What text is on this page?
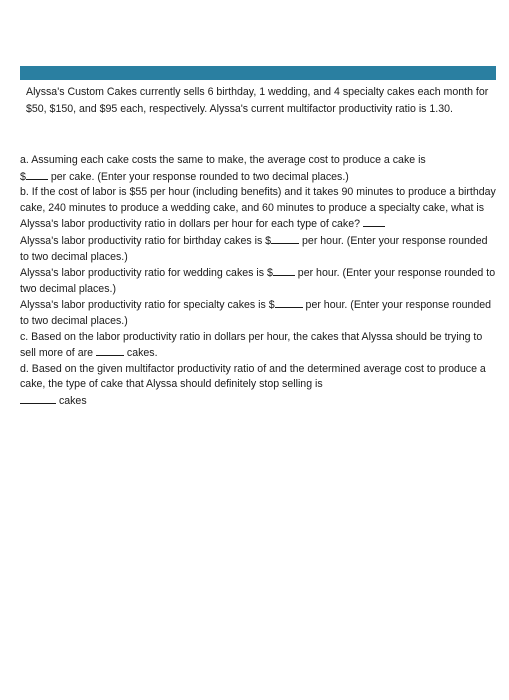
Alyssa's Custom Cakes currently sells 6 birthday, 1 wedding, and 4 specialty cakes each month for $50, $150, and $95 each, respectively. Alyssa's current multifactor productivity ratio is 1.30.

a. Assuming each cake costs the same to make, the average cost to produce a cake is
$ per cake. (Enter your response rounded to two decimal places.)

b. If the cost of labor is $55 per hour (including benefits) and it takes 90 minutes to produce a birthday cake, 240 minutes to produce a wedding cake, and 60 minutes to produce a specialty cake, what is Alyssa's labor productivity ratio in dollars per hour for each type of cake?

Alyssa's labor productivity ratio for birthday cakes is $	per hour. (Enter your response rounded to two decimal places.)

Alyssa's labor productivity ratio for wedding cakes is $ per hour. (Enter your response rounded to two decimal places.)

Alyssa's labor productivity ratio for specialty cakes is $	per hour. (Enter your response rounded to two decimal places.)

c. Based on the labor productivity ratio in dollars per hour, the cakes that Alyssa should be trying to sell more of are	cakes.

d. Based on the given multifactor productivity ratio of and the determined average cost to produce a cake, the type of cake that Alyssa should definitely stop selling is
cakes
